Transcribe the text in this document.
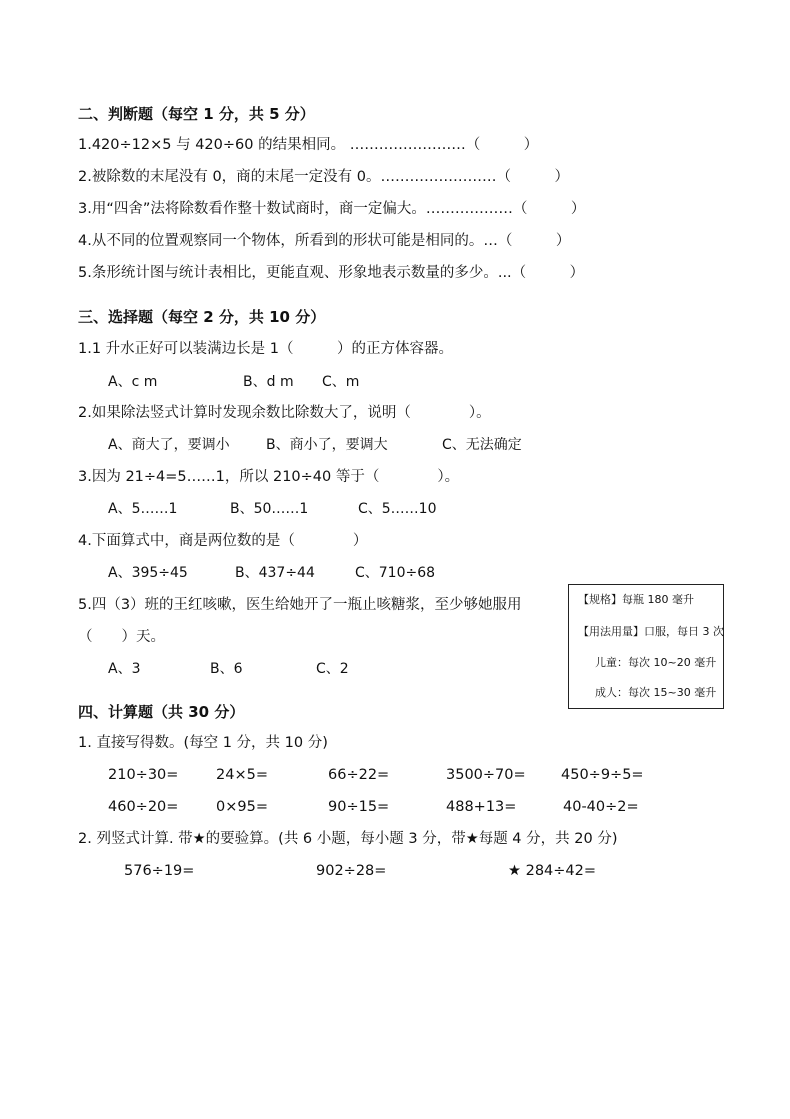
二、判断题（每空 1 分，共 5 分）
1.420÷12×5 与 420÷60 的结果相同。 ……………………（　　　）
2.被除数的末尾没有 0，商的末尾一定没有 0。……………………（　　　）
3.用“四舍”法将除数看作整十数试商时，商一定偏大。………………（　　　）
4.从不同的位置观察同一个物体，所看到的形状可能是相同的。…（　　　）
5.条形统计图与统计表相比，更能直观、形象地表示数量的多少。...（　　　）
三、选择题（每空 2 分，共 10 分）
1.1 升水正好可以装满边长是 1（　　　）的正方体容器。
A、c m	B、d m C、m
2.如果除法竖式计算时发现余数比除数大了，说明（　　　　）。
A、商大了，要调小	B、商小了，要调大	C、无法确定
3.因为 21÷4=5……1，所以 210÷40 等于（　　　　）。
A、5……1	B、50……1	C、5……10
4.下面算式中，商是两位数的是（　　　　）
A、395÷45	B、437÷44	C、710÷68
5.四（3）班的王红咳嗽，医生给她开了一瓶止咳糖浆，至少够她服用
（　　）天。
A、3	B、6	C、2
【规格】每瓶 180 毫升
【用法用量】口服，每日 3 次
儿童：每次 10~20 毫升
成人：每次 15~30 毫升
四、计算题（共 30 分）
1. 直接写得数。(每空 1 分，共 10 分)
210÷30=	24×5=	66÷22=	3500÷70= 450÷9÷5=
460÷20=	0×95=	90÷15=	488+13=	40-40÷2=
2. 列竖式计算. 带★的要验算。(共 6 小题，每小题 3 分，带★每题 4 分，共 20 分)
576÷19=	902÷28=	★ 284÷42=
